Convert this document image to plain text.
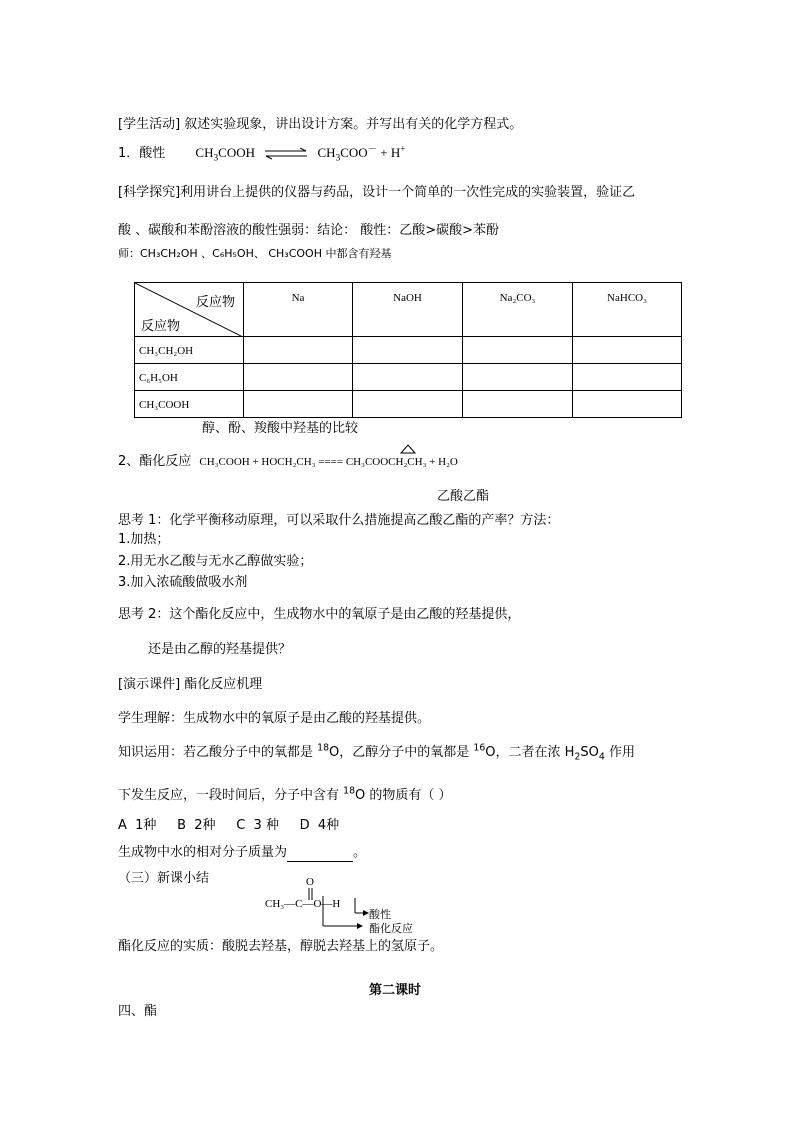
[学生活动] 叙述实验现象，讲出设计方案。并写出有关的化学方程式。
1．酸性 $CH_3COOH$ ⇌ $CH_3COO^- + H^+$
[科学探究]利用讲台上提供的仪器与药品，设计一个简单的一次性完成的实验装置，验证乙
酸 、碳酸和苯酚溶液的酸性强弱：结论： 酸性：乙酸>碳酸>苯酚
师：CH₃CH₂OH 、C₆H₅OH、 CH₃COOH 中都含有羟基
反应物
反应物	Na	NaOH	Na₂CO₃	NaHCO₃
CH₃CH₂OH				
C₆H₅OH				
CH₃COOH				
醇、酚、羧酸中羟基的比较
2、酯化反应 CH₃COOH + HOCH₂CH₃ ==== CH₃COOCH₂CH₃ + H₂O
乙酸乙酯
思考 1：化学平衡移动原理，可以采取什么措施提高乙酸乙酯的产率？方法：
1.加热；
2.用无水乙酸与无水乙醇做实验；
3.加入浓硫酸做吸水剂
思考 2：这个酯化反应中，生成物水中的氧原子是由乙酸的羟基提供，
还是由乙醇的羟基提供？
[演示课件] 酯化反应机理
学生理解：生成物水中的氧原子是由乙酸的羟基提供。
知识运用：若乙酸分子中的氧都是 $^{18}$O，乙醇分子中的氧都是 $^{16}$O，二者在浓 $H_2SO_4$ 作用
下发生反应，一段时间后，分子中含有 $^{18}$O 的物质有（ ）
A  1种     B  2种     C  3 种     D  4种
生成物中水的相对分子质量为	。
（三）新课小结	O
CH₃—C—O—H
酸性
酯化反应
酯化反应的实质：酸脱去羟基，醇脱去羟基上的氢原子。
第二课时
四、酯
